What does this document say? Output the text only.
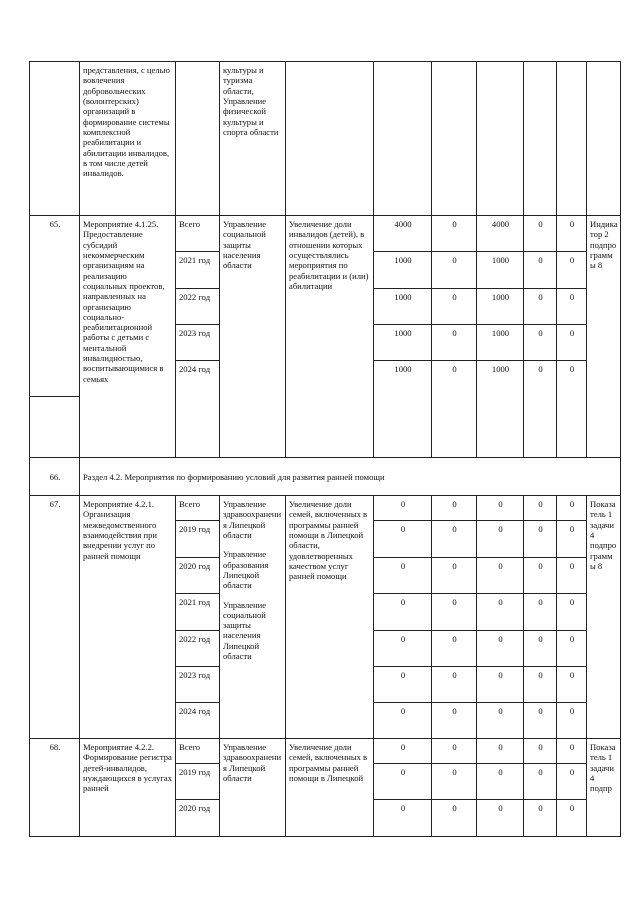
	представления, с целью вовлечения добровольческих (волонтерских) организаций в формирование системы комплексной реабилитации и абилитации инвалидов, в том числе детей инвалидов.		культуры и туризма области, Управление физической культуры и спорта области							
65.	Мероприятие 4.1.25. Предоставление субсидий некоммерческим организациям на реализацию социальных проектов, направленных на организацию социально-реабилитационной работы с детьми с ментальной инвалидностью, воспитывающимися в семьях	Всего	Управление социальной защиты населения области	Увеличение доли инвалидов (детей), в отношении которых осуществлялись мероприятия по реабилитации и (или) абилитации	4000	0	4000	0	0	Индикатор 2 подпрограммы 8
		2021 год			1000	0	1000	0	0	
		2022 год			1000	0	1000	0	0	
		2023 год			1000	0	1000	0	0	
		2024 год			1000	0	1000	0	0	

66.	Раздел 4.2. Мероприятия по формированию условий для развития ранней помощи									
67.	Мероприятие 4.2.1. Организация межведомственного взаимодействия при внедрении услуг по ранней помощи	Всего	Управление здравоохранения Липецкой области
Управление образования Липецкой области
Управление социальной защиты населения Липецкой области	Увеличение доли семей, включенных в программы ранней помощи в Липецкой области, удовлетворенных качеством услуг ранней помощи	0	0	0	0	0	Показатель 1 задачи 4 подпрограммы 8
		2019 год			0	0	0	0	0	
		2020 год			0	0	0	0	0	
		2021 год			0	0	0	0	0	
		2022 год			0	0	0	0	0	
		2023 год			0	0	0	0	0	
		2024 год			0	0	0	0	0	
68.	Мероприятие 4.2.2. Формирование регистра детей-инвалидов, нуждающихся в услугах ранней	Всего	Управление здравоохранения Липецкой области	Увеличение доли семей, включенных в программы ранней помощи в Липецкой	0	0	0	0	0	Показатель 1 задачи 4 подпр
		2019 год			0	0	0	0	0	
		2020 год			0	0	0	0	0	
